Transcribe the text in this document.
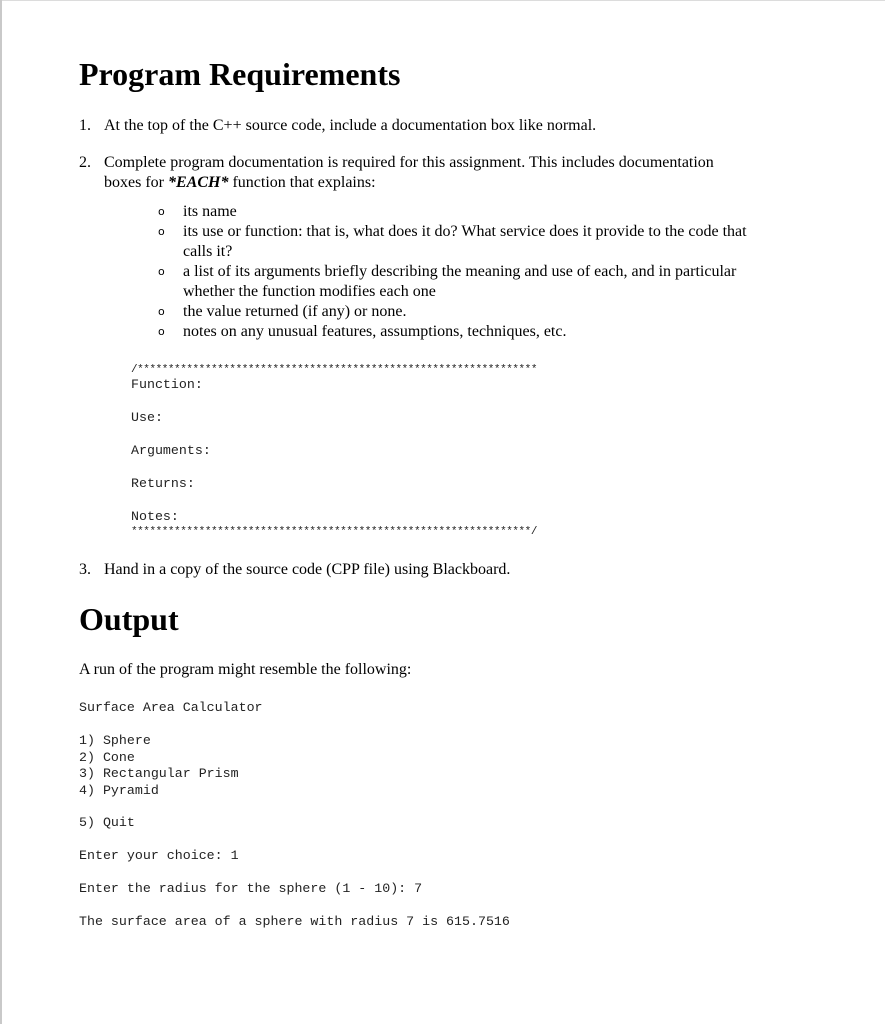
Program Requirements
1. At the top of the C++ source code, include a documentation box like normal.
2. Complete program documentation is required for this assignment. This includes documentation
boxes for *EACH* function that explains:
o its name
o its use or function: that is, what does it do? What service does it provide to the code that
calls it?
o a list of its arguments briefly describing the meaning and use of each, and in particular
whether the function modifies each one
o the value returned (if any) or none.
o notes on any unusual features, assumptions, techniques, etc.
/*****************************************************************
Function:
Use:
Arguments:
Returns:
Notes:
*****************************************************************/
3. Hand in a copy of the source code (CPP file) using Blackboard.
Output
A run of the program might resemble the following:
Surface Area Calculator
1) Sphere
2) Cone
3) Rectangular Prism
4) Pyramid
5) Quit
Enter your choice: 1
Enter the radius for the sphere (1 - 10): 7
The surface area of a sphere with radius 7 is 615.7516
